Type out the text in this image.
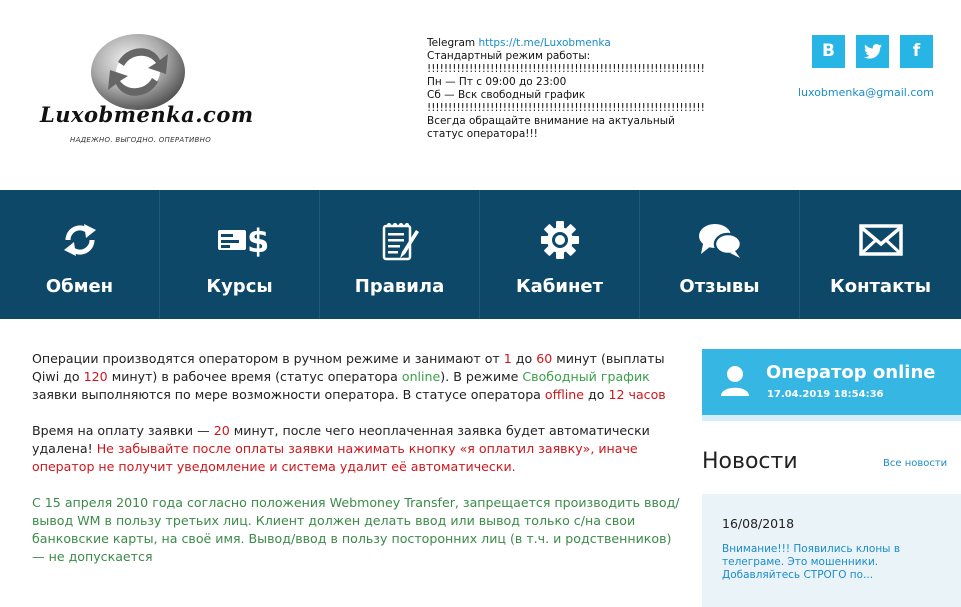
Luxobmenka.com
НАДЕЖНО. ВЫГОДНО. ОПЕРАТИВНО
Telegram https://t.me/Luxobmenka
Стандартный режим работы:
!!!!!!!!!!!!!!!!!!!!!!!!!!!!!!!!!!!!!!!!!!!!!!!!!!!!!!!!!!!!!!!!!!
Пн — Пт с 09:00 до 23:00
Сб — Вск свободный график
!!!!!!!!!!!!!!!!!!!!!!!!!!!!!!!!!!!!!!!!!!!!!!!!!!!!!!!!!!!!!!!!!!
Всегда обращайте внимание на актуальный статус оператора!!!
B	f
luxobmenka@gmail.com
Обмен
$
Курсы	Правила	Кабинет	Отзывы	Контакты

Операции производятся оператором в ручном режиме и занимают от 1 до 60 минут (выплаты Qiwi до 120 минут) в рабочее время (статус оператора online). В режиме Свободный график заявки выполняются по мере возможности оператора. В статусе оператора offline до 12 часов

Время на оплату заявки — 20 минут, после чего неоплаченная заявка будет автоматически удалена! Не забывайте после оплаты заявки нажимать кнопку «я оплатил заявку», иначе оператор не получит уведомление и система удалит её автоматически.

С 15 апреля 2010 года согласно положения Webmoney Transfer, запрещается производить ввод/вывод WM в пользу третьих лиц. Клиент должен делать ввод или вывод только с/на свои банковские карты, на своё имя. Вывод/ввод в пользу посторонних лиц (в т.ч. и родственников) — не допускается

Оператор online
17.04.2019 18:54:36
Новости	Все новости
16/08/2018
Внимание!!! Появились клоны в телеграме. Это мошенники. Добавляйтесь СТРОГО по...
